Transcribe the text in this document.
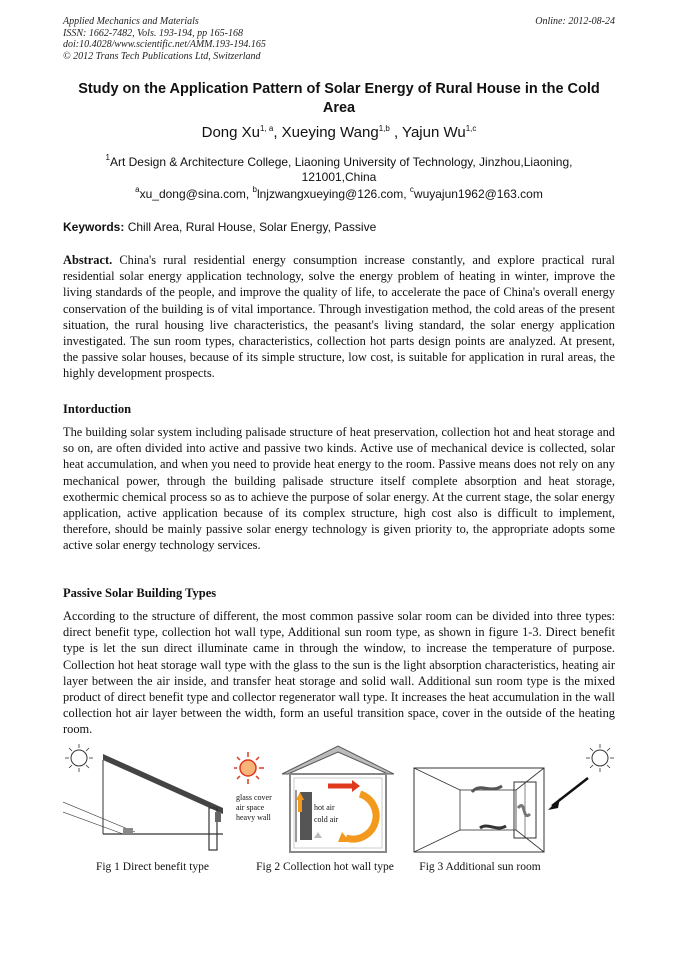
Applied Mechanics and Materials
ISSN: 1662-7482, Vols. 193-194, pp 165-168
doi:10.4028/www.scientific.net/AMM.193-194.165
© 2012 Trans Tech Publications Ltd, Switzerland
Online: 2012-08-24
Study on the Application Pattern of Solar Energy of Rural House in the Cold Area
Dong Xu$^{1, a}$, Xueying Wang$^{1,b}$ , Yajun Wu$^{1,c}$
$^1$Art Design & Architecture College, Liaoning University of Technology, Jinzhou,Liaoning, 121001,China
$^a$xu_dong@sina.com, $^b$lnjzwangxueying@126.com, $^c$wuyajun1962@163.com
Keywords: Chill Area, Rural House, Solar Energy, Passive
Abstract. China's rural residential energy consumption increase constantly, and explore practical rural residential solar energy application technology, solve the energy problem of heating in winter, improve the living standards of the people, and improve the quality of life, to accelerate the pace of China's overall energy conservation of the building is of vital importance. Through investigation method, the cold areas of the present situation, the rural housing live characteristics, the peasant's living standard, the solar energy application investigated. The sun room types, characteristics, collection hot parts design points are analyzed. At present, the passive solar houses, because of its simple structure, low cost, is suitable for application in rural areas, the highly development prospects.
Intorduction
The building solar system including palisade structure of heat preservation, collection hot and heat storage and so on, are often divided into active and passive two kinds. Active use of mechanical device is collected, solar heat accumulation, and when you need to provide heat energy to the room. Passive means does not rely on any mechanical power, through the building palisade structure itself complete absorption and heat storage, exothermic chemical process so as to achieve the purpose of solar energy. At the current stage, the solar energy application, active application because of its complex structure, high cost also is difficult to implement, therefore, should be mainly passive solar energy technology is given priority to, the appropriate adopts some active solar energy technology services.
Passive Solar Building Types
According to the structure of different, the most common passive solar room can be divided into three types: direct benefit type, collection hot wall type, Additional sun room type, as shown in figure 1-3. Direct benefit type is let the sun direct illuminate came in through the window, to increase the temperature of purpose. Collection hot heat storage wall type with the glass to the sun is the light absorption characteristics, heating air layer between the air inside, and transfer heat storage and solid wall. Additional sun room type is the mixed product of direct benefit type and collector regenerator wall type. It increases the heat accumulation in the wall collection hot air layer between the width, form an useful transition space, cover in the outside of the heating room.
glass cover
air space
heavy wall
hot air
cold air
Fig 1 Direct benefit type	Fig 2 Collection hot wall type	Fig 3 Additional sun room
